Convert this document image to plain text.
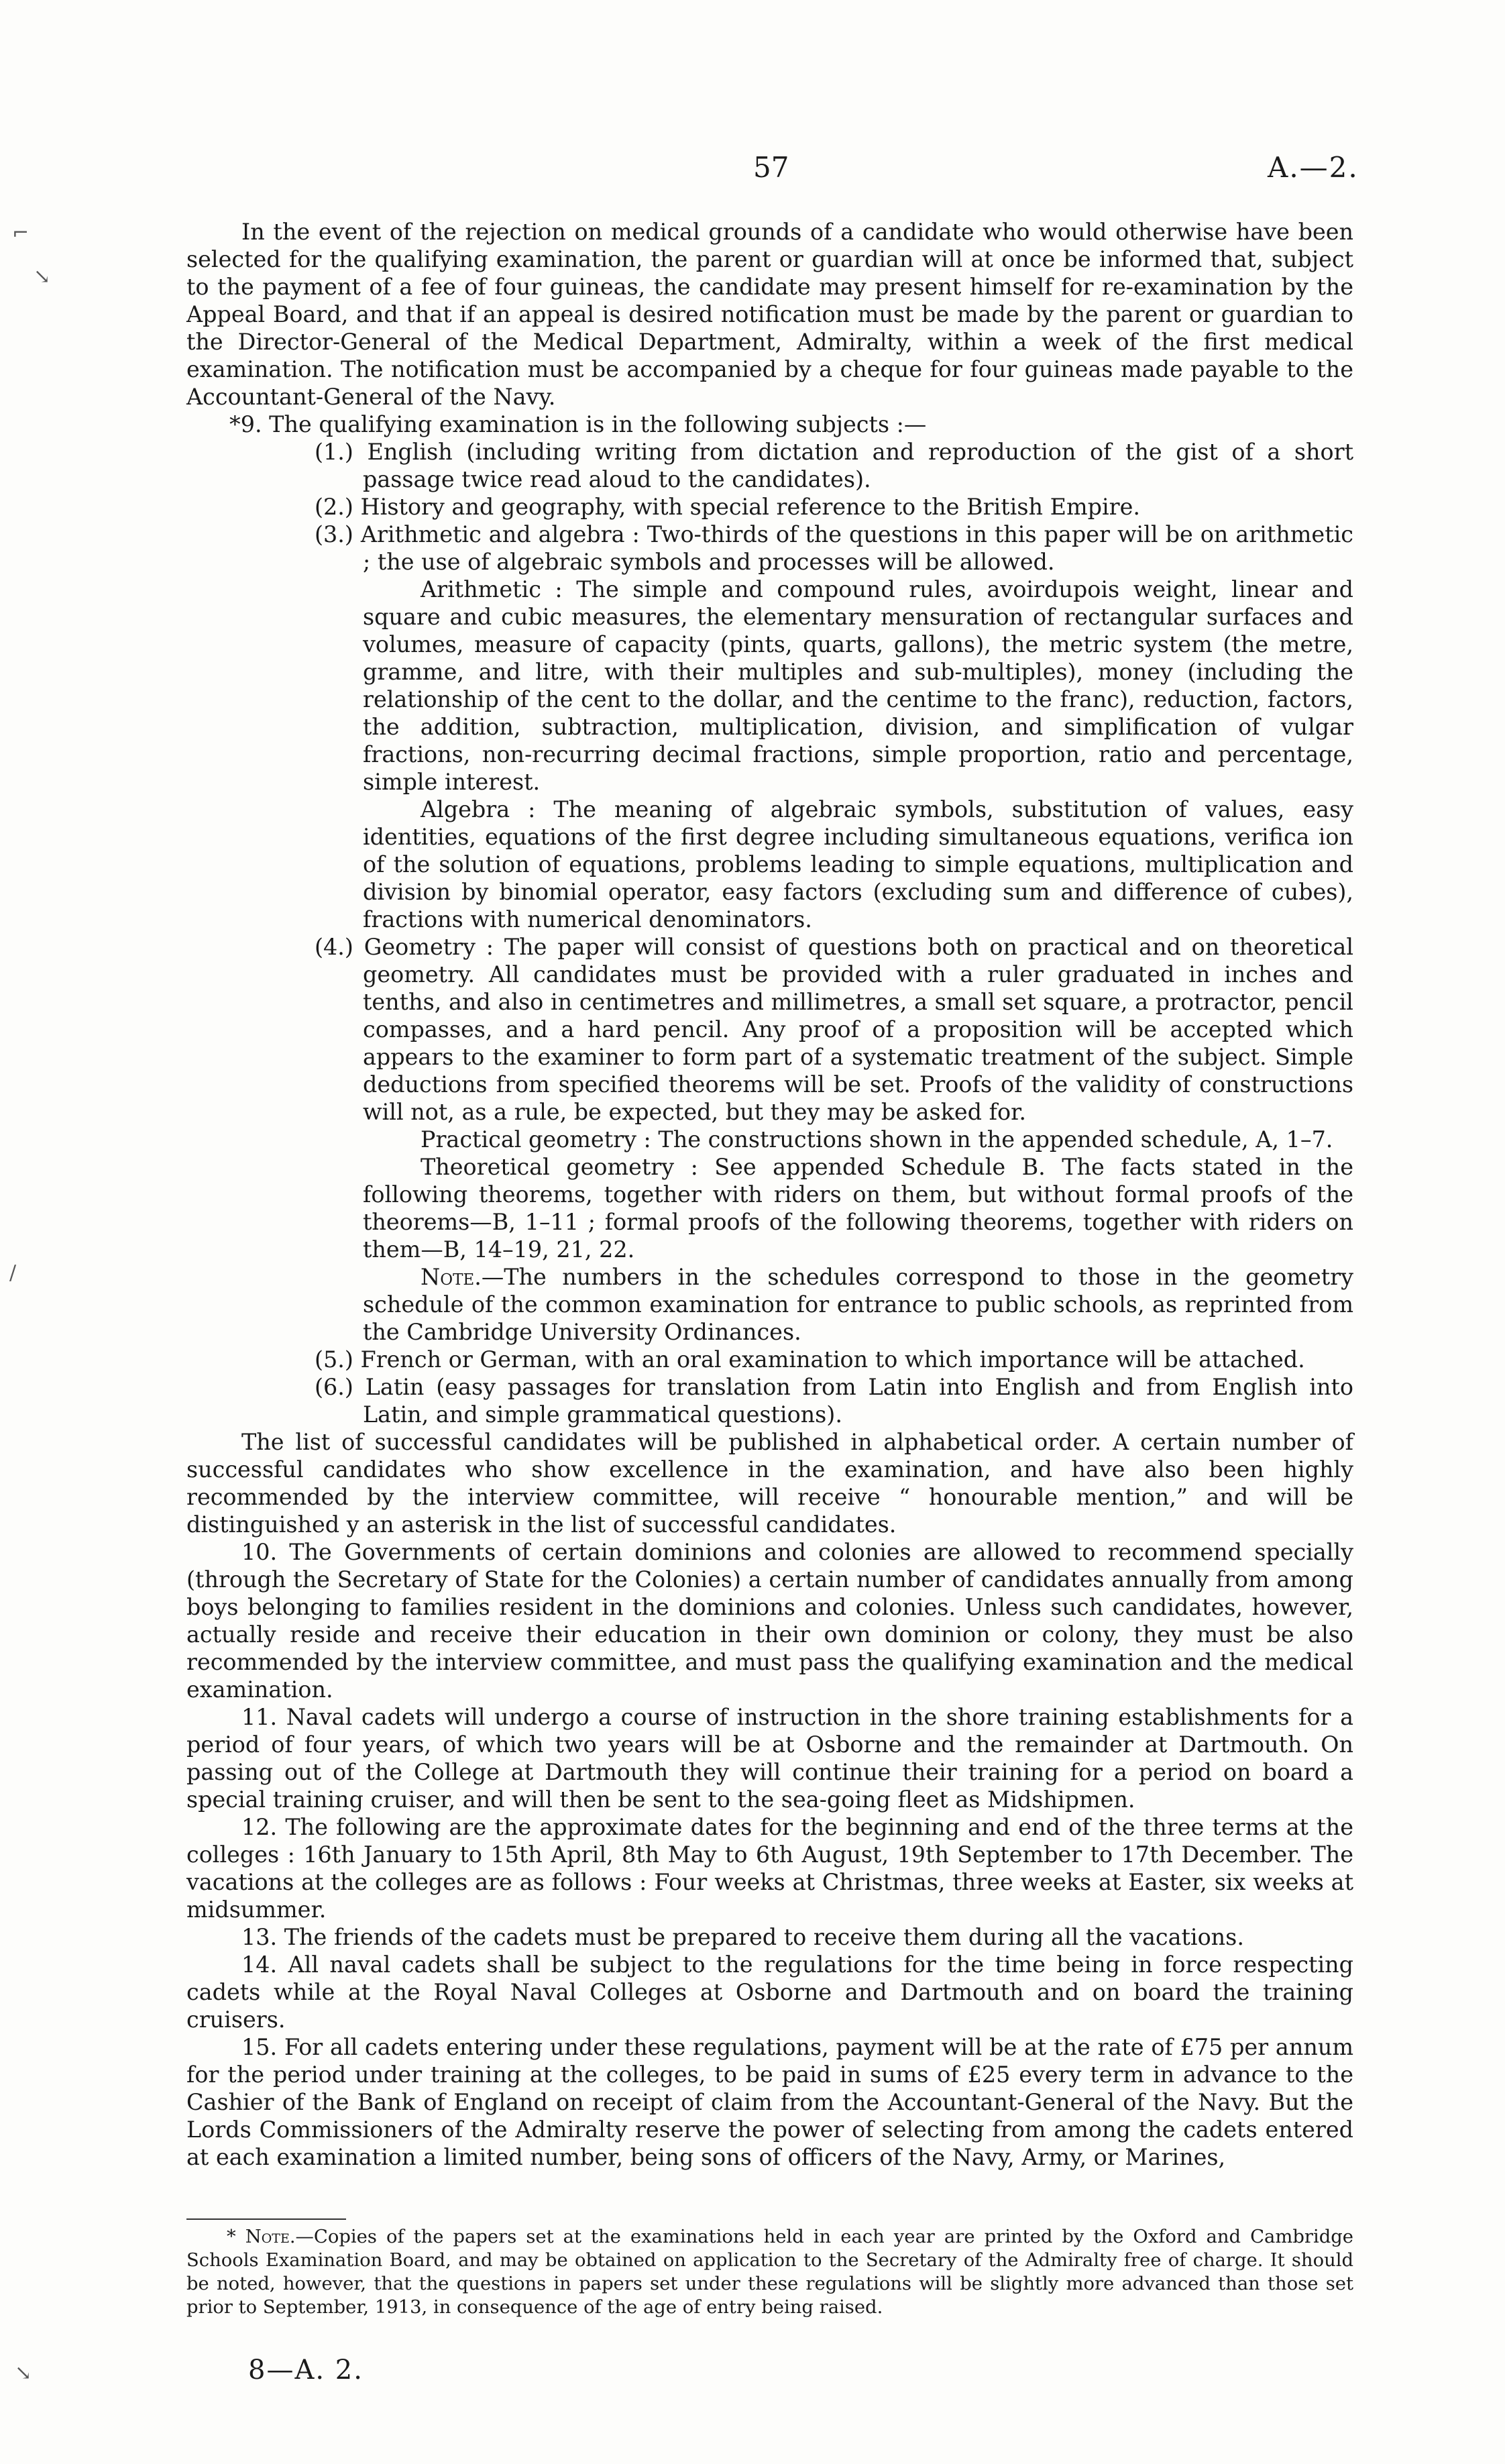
57	A.—2.
⌐
↘
/
↘

In the event of the rejection on medical grounds of a candidate who would otherwise have been selected for the qualifying examination, the parent or guardian will at once be informed that, subject to the payment of a fee of four guineas, the candidate may present himself for re-examination by the Appeal Board, and that if an appeal is desired notification must be made by the parent or guardian to the Director-General of the Medical Department, Admiralty, within a week of the first medical examination. The notification must be accompanied by a cheque for four guineas made payable to the Accountant-General of the Navy.

*9. The qualifying examination is in the following subjects :—

(1.) English (including writing from dictation and reproduction of the gist of a short passage twice read aloud to the candidates).

(2.) History and geography, with special reference to the British Empire.

(3.) Arithmetic and algebra : Two-thirds of the questions in this paper will be on arithmetic ; the use of algebraic symbols and processes will be allowed.

Arithmetic : The simple and compound rules, avoirdupois weight, linear and square and cubic measures, the elementary mensuration of rectangular surfaces and volumes, measure of capacity (pints, quarts, gallons), the metric system (the metre, gramme, and litre, with their multiples and sub-multiples), money (including the relationship of the cent to the dollar, and the centime to the franc), reduction, factors, the addition, subtraction, multiplication, division, and simplification of vulgar fractions, non-recurring decimal fractions, simple proportion, ratio and percentage, simple interest.

Algebra : The meaning of algebraic symbols, substitution of values, easy identities, equations of the first degree including simultaneous equations, verifica ion of the solution of equations, problems leading to simple equations, multiplication and division by binomial operator, easy factors (excluding sum and difference of cubes), fractions with numerical denominators.

(4.) Geometry : The paper will consist of questions both on practical and on theoretical geometry. All candidates must be provided with a ruler graduated in inches and tenths, and also in centimetres and millimetres, a small set square, a protractor, pencil compasses, and a hard pencil. Any proof of a proposition will be accepted which appears to the examiner to form part of a systematic treatment of the subject. Simple deductions from specified theorems will be set. Proofs of the validity of constructions will not, as a rule, be expected, but they may be asked for.

Practical geometry : The constructions shown in the appended schedule, A, 1–7.

Theoretical geometry : See appended Schedule B. The facts stated in the following theorems, together with riders on them, but without formal proofs of the theorems—B, 1–11 ; formal proofs of the following theorems, together with riders on them—B, 14–19, 21, 22.

Note.—The numbers in the schedules correspond to those in the geometry schedule of the common examination for entrance to public schools, as reprinted from the Cambridge University Ordinances.

(5.) French or German, with an oral examination to which importance will be attached.

(6.) Latin (easy passages for translation from Latin into English and from English into Latin, and simple grammatical questions).

The list of successful candidates will be published in alphabetical order. A certain number of successful candidates who show excellence in the examination, and have also been highly recommended by the interview committee, will receive “ honourable mention,” and will be distinguished y an asterisk in the list of successful candidates.

10. The Governments of certain dominions and colonies are allowed to recommend specially (through the Secretary of State for the Colonies) a certain number of candidates annually from among boys belonging to families resident in the dominions and colonies. Unless such candidates, however, actually reside and receive their education in their own dominion or colony, they must be also recommended by the interview committee, and must pass the qualifying examination and the medical examination.

11. Naval cadets will undergo a course of instruction in the shore training establishments for a period of four years, of which two years will be at Osborne and the remainder at Dartmouth. On passing out of the College at Dartmouth they will continue their training for a period on board a special training cruiser, and will then be sent to the sea-going fleet as Midshipmen.

12. The following are the approximate dates for the beginning and end of the three terms at the colleges : 16th January to 15th April, 8th May to 6th August, 19th September to 17th December. The vacations at the colleges are as follows : Four weeks at Christmas, three weeks at Easter, six weeks at midsummer.

13. The friends of the cadets must be prepared to receive them during all the vacations.

14. All naval cadets shall be subject to the regulations for the time being in force respecting cadets while at the Royal Naval Colleges at Osborne and Dartmouth and on board the training cruisers.

15. For all cadets entering under these regulations, payment will be at the rate of £75 per annum for the period under training at the colleges, to be paid in sums of £25 every term in advance to the Cashier of the Bank of England on receipt of claim from the Accountant-General of the Navy. But the Lords Commissioners of the Admiralty reserve the power of selecting from among the cadets entered at each examination a limited number, being sons of officers of the Navy, Army, or Marines,

* Note.—Copies of the papers set at the examinations held in each year are printed by the Oxford and Cambridge Schools Examination Board, and may be obtained on application to the Secretary of the Admiralty free of charge. It should be noted, however, that the questions in papers set under these regulations will be slightly more advanced than those set prior to September, 1913, in consequence of the age of entry being raised.

8—A. 2.
